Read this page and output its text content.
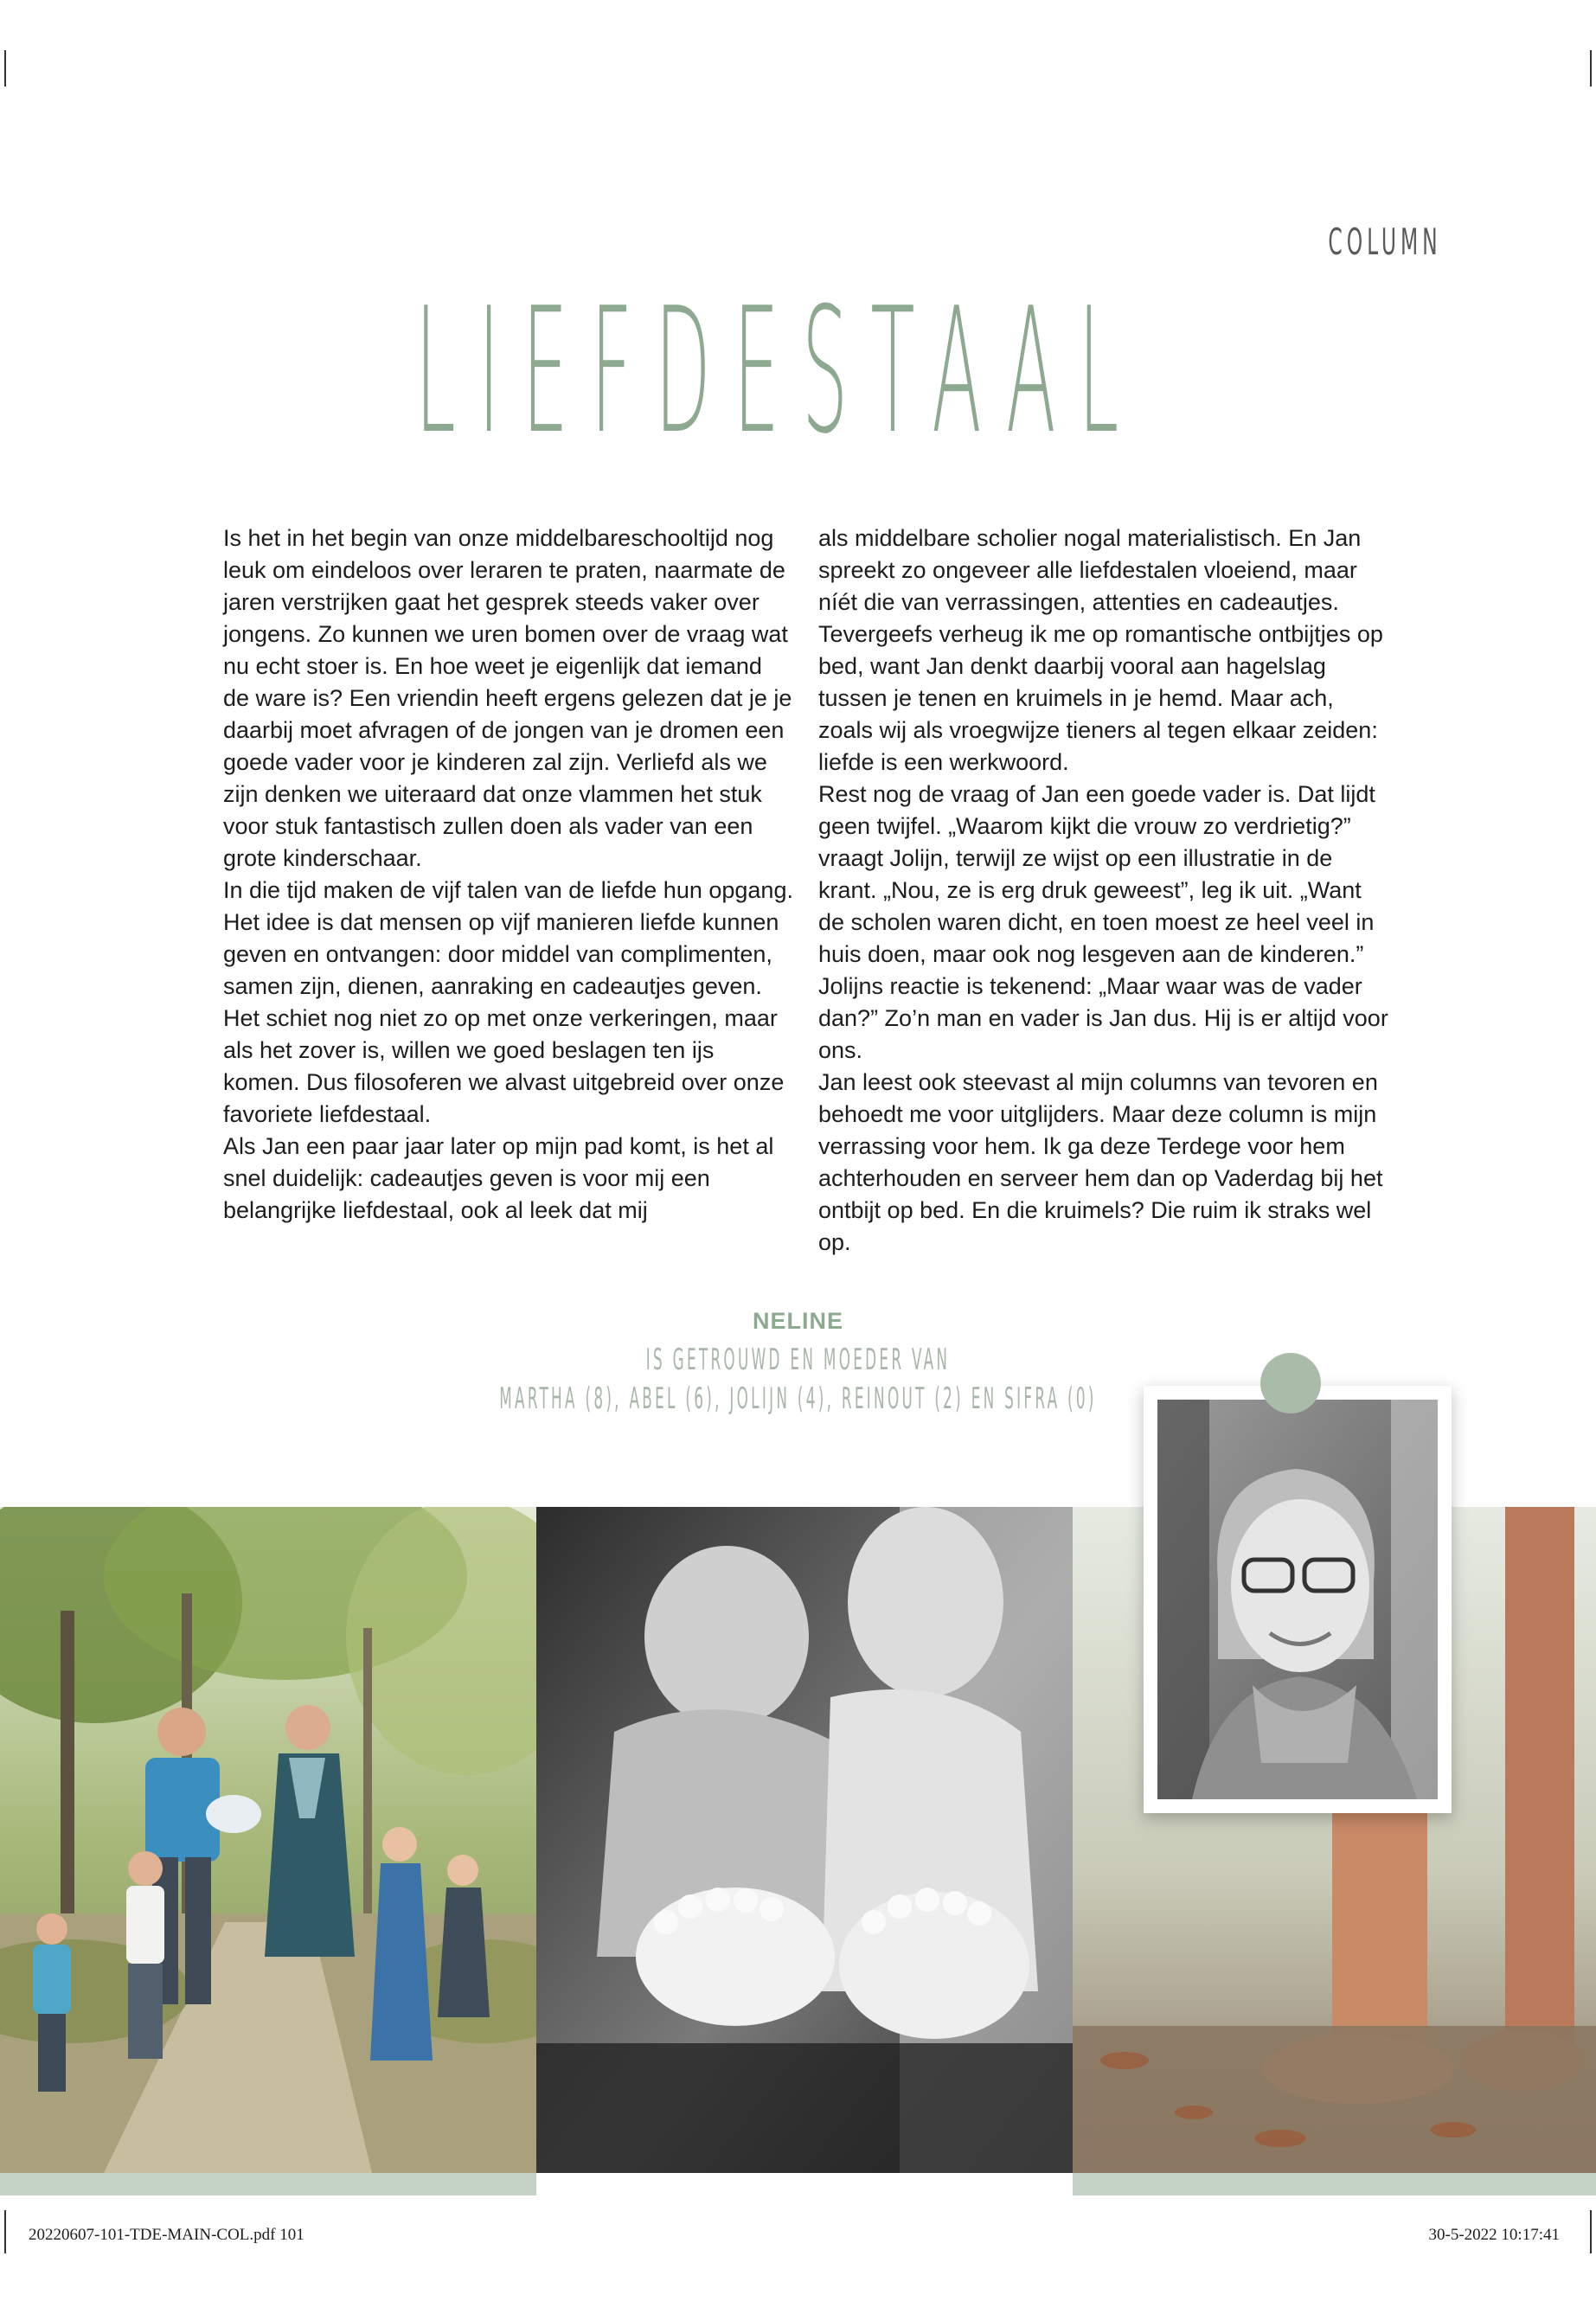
COLUMN
LIEFDESTAAL

Is het in het begin van onze middelbareschooltijd nog leuk om eindeloos over leraren te praten, naarmate de jaren verstrijken gaat het gesprek steeds vaker over jongens. Zo kunnen we uren bomen over de vraag wat nu echt stoer is. En hoe weet je eigenlijk dat iemand de ware is? Een vriendin heeft ergens gelezen dat je je daarbij moet afvragen of de jongen van je dromen een goede vader voor je kinderen zal zijn. Verliefd als we zijn denken we uiteraard dat onze vlammen het stuk voor stuk fantastisch zullen doen als vader van een grote kinderschaar.

In die tijd maken de vijf talen van de liefde hun opgang. Het idee is dat mensen op vijf manieren liefde kunnen geven en ontvangen: door middel van complimenten, samen zijn, dienen, aanraking en cadeautjes geven. Het schiet nog niet zo op met onze verkeringen, maar als het zover is, willen we goed beslagen ten ijs komen. Dus filosoferen we alvast uitgebreid over onze favoriete liefdestaal.

Als Jan een paar jaar later op mijn pad komt, is het al snel duidelijk: cadeautjes geven is voor mij een belangrijke liefdestaal, ook al leek dat mij

als middelbare scholier nogal materialistisch. En Jan spreekt zo ongeveer alle liefdestalen vloeiend, maar níét die van verrassingen, attenties en cadeautjes. Tevergeefs verheug ik me op romantische ontbijtjes op bed, want Jan denkt daarbij vooral aan hagelslag tussen je tenen en kruimels in je hemd. Maar ach, zoals wij als vroegwijze tieners al tegen elkaar zeiden: liefde is een werkwoord.

Rest nog de vraag of Jan een goede vader is. Dat lijdt geen twijfel. „Waarom kijkt die vrouw zo verdrietig?” vraagt Jolijn, terwijl ze wijst op een illustratie in de krant. „Nou, ze is erg druk geweest”, leg ik uit. „Want de scholen waren dicht, en toen moest ze heel veel in huis doen, maar ook nog lesgeven aan de kinderen.” Jolijns reactie is tekenend: „Maar waar was de vader dan?” Zo’n man en vader is Jan dus. Hij is er altijd voor ons.

Jan leest ook steevast al mijn columns van tevoren en behoedt me voor uitglijders. Maar deze column is mijn verrassing voor hem. Ik ga deze Terdege voor hem achterhouden en serveer hem dan op Vaderdag bij het ontbijt op bed. En die kruimels? Die ruim ik straks wel op.

NELINE
IS GETROUWD EN MOEDER VAN
MARTHA (8), ABEL (6), JOLIJN (4), REINOUT (2) EN SIFRA (0)
20220607-101-TDE-MAIN-COL.pdf 101	30-5-2022 10:17:41
